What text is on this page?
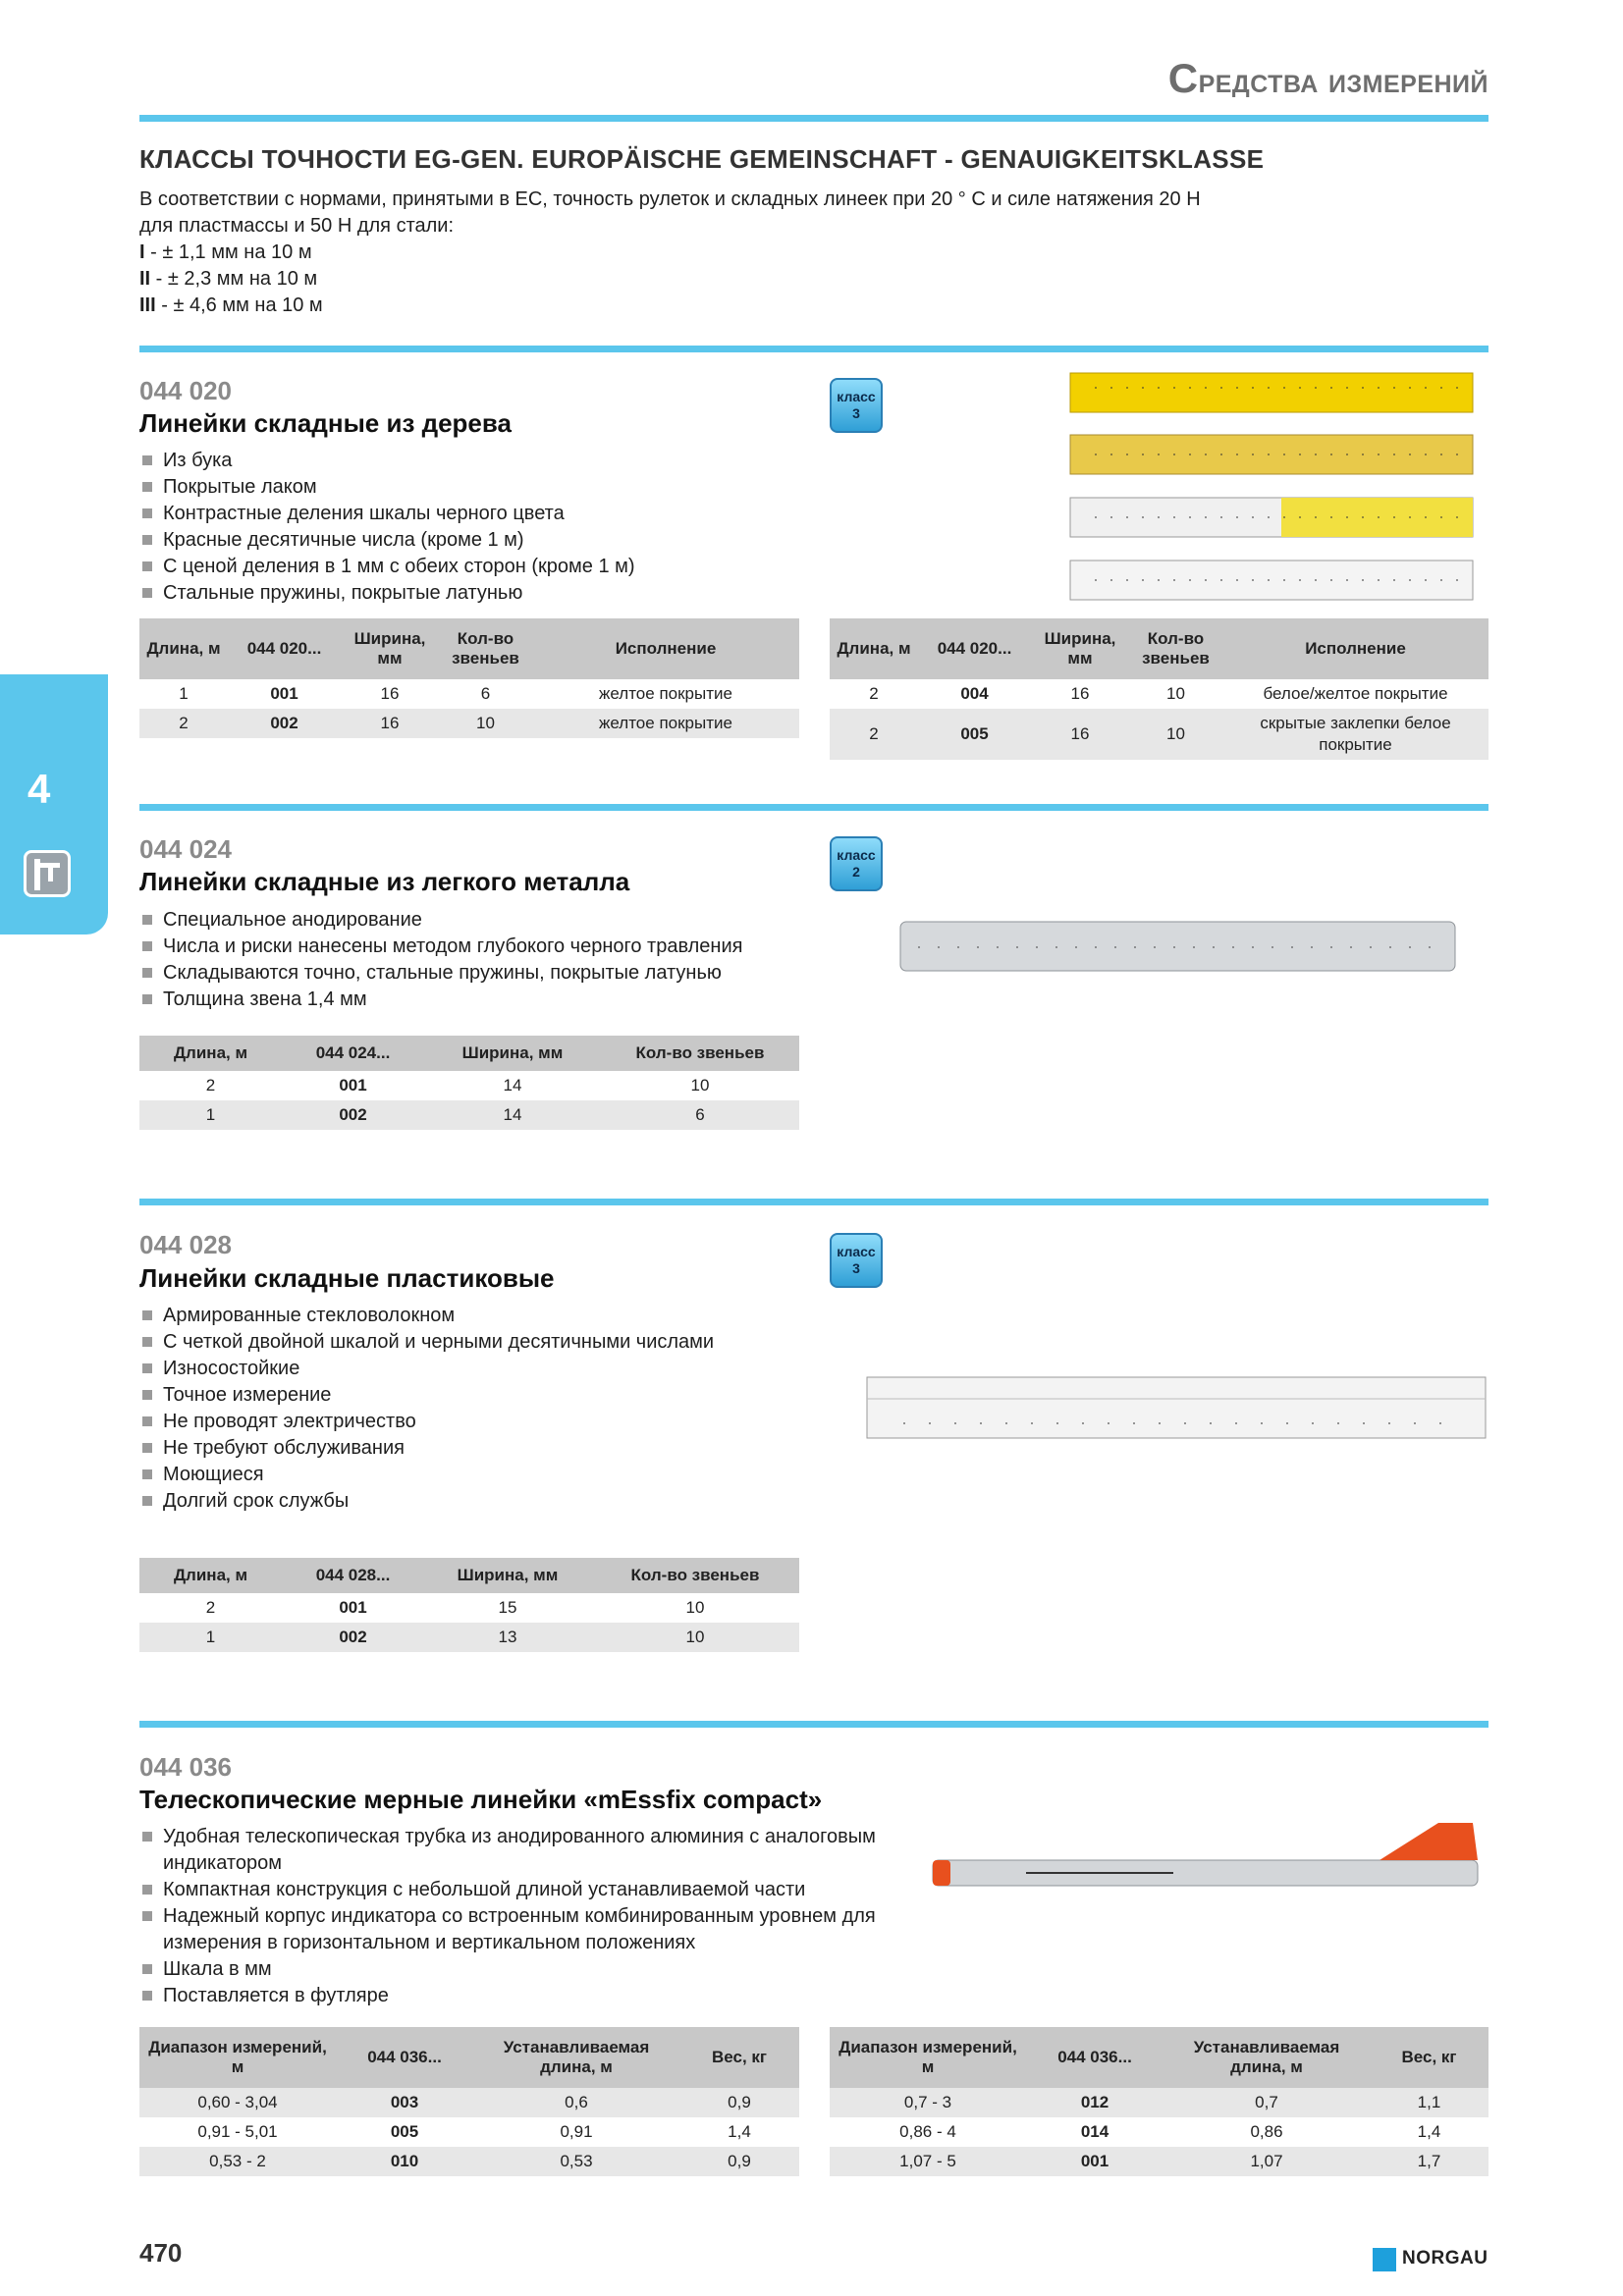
Средства измерений
КЛАССЫ ТОЧНОСТИ EG-GEN. EUROPÄISCHE GEMEINSCHAFT - GENAUIGKEITSKLASSE
В соответствии с нормами, принятыми в ЕС, точность рулеток и складных линеек при 20 ° С и силе натяжения 20 Н
для пластмассы и 50 Н для стали:
I - ± 1,1 мм на 10 м
II - ± 2,3 мм на 10 м
III - ± 4,6 мм на 10 м
4
044 020
Линейки складные из дерева
Из бука
Покрытые лаком
Контрастные деления шкалы черного цвета
Красные десятичные числа (кроме 1 м)
С ценой деления в 1 мм с обеих сторон (кроме 1 м)
Стальные пружины, покрытые латунью
класс
3
Длина, м	044 020...	Ширина, мм	Кол-во звеньев	Исполнение
1	001	16	6	желтое покрытие
2	002	16	10	желтое покрытие
Длина, м	044 020...	Ширина, мм	Кол-во звеньев	Исполнение
2	004	16	10	белое/желтое покрытие
2	005	16	10	скрытые заклепки белое покрытие
044 024
Линейки складные из легкого металла
Специальное анодирование
Числа и риски нанесены методом глубокого черного травления
Складываются точно, стальные пружины, покрытые латунью
Толщина звена 1,4 мм
класс
2
Длина, м	044 024...	Ширина, мм	Кол-во звеньев
2	001	14	10
1	002	14	6
044 028
Линейки складные пластиковые
Армированные стекловолокном
С четкой двойной шкалой и черными десятичными числами
Износостойкие
Точное измерение
Не проводят электричество
Не требуют обслуживания
Моющиеся
Долгий срок службы
класс
3
Длина, м	044 028...	Ширина, мм	Кол-во звеньев
2	001	15	10
1	002	13	10
044 036
Телескопические мерные линейки «mEssfix compact»
Удобная телескопическая трубка из анодированного алюминия с аналоговым индикатором
Компактная конструкция с небольшой длиной устанавливаемой части
Надежный корпус индикатора со встроенным комбинированным уровнем для измерения в горизонтальном и вертикальном положениях
Шкала в мм
Поставляется в футляре
Диапазон измерений, м	044 036...	Устанавливаемая длина, м	Вес, кг
0,60 - 3,04	003	0,6	0,9
0,91 - 5,01	005	0,91	1,4
0,53 - 2	010	0,53	0,9
Диапазон измерений, м	044 036...	Устанавливаемая длина, м	Вес, кг
0,7 - 3	012	0,7	1,1
0,86 - 4	014	0,86	1,4
1,07 - 5	001	1,07	1,7
470	NORGAU
